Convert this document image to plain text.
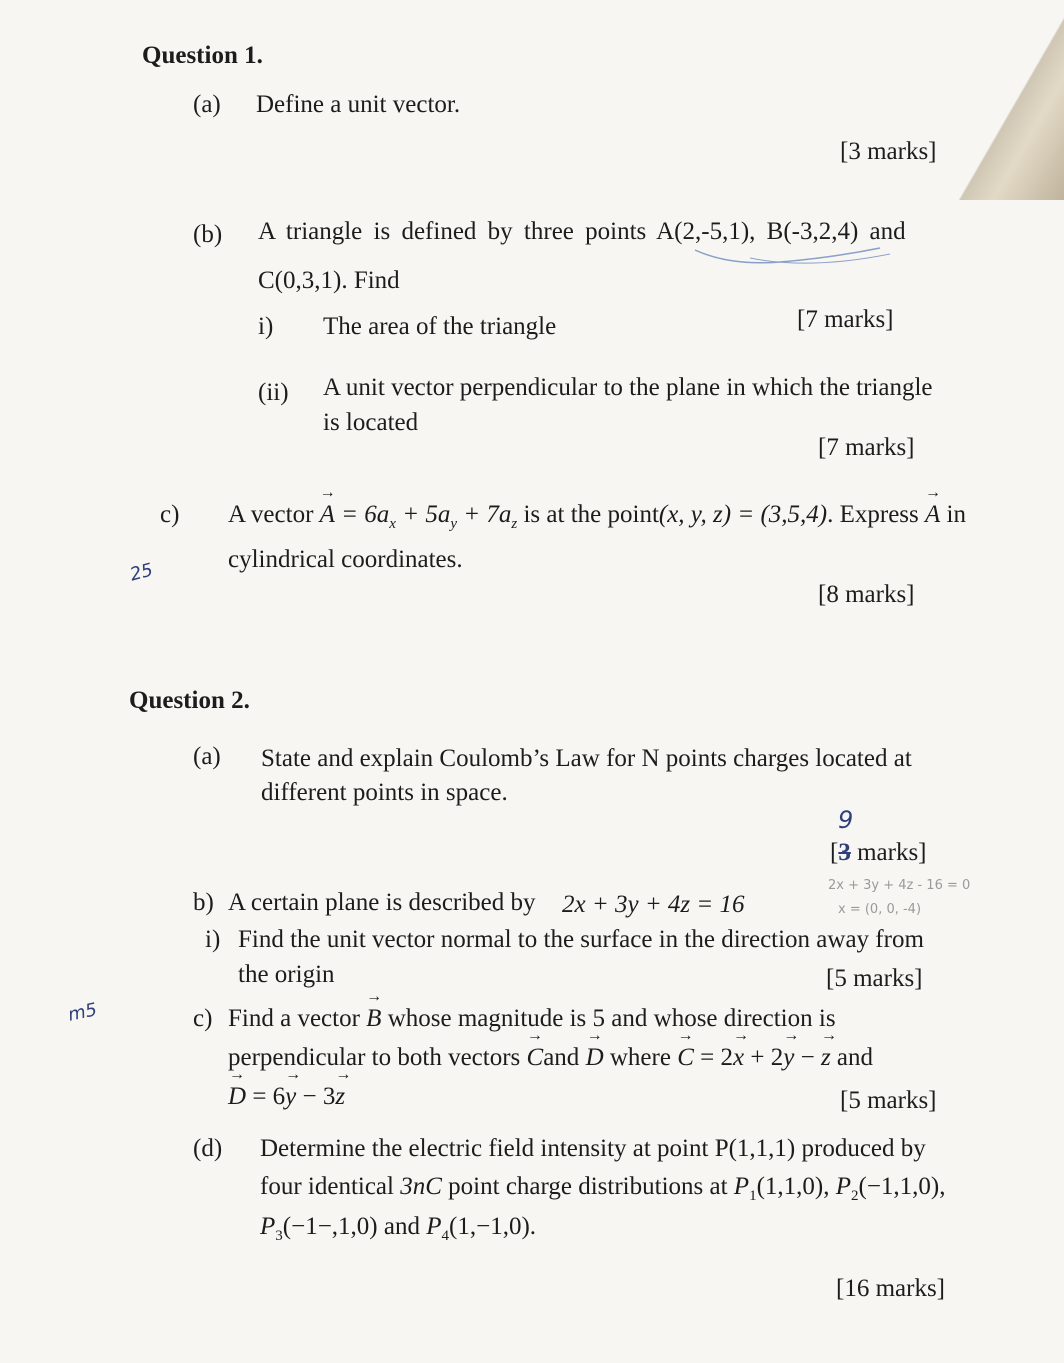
Question 1.
(a) Define a unit vector.
[3 marks]
(b) A triangle is defined by three points A(2,-5,1), B(-3,2,4) and
C(0,3,1). Find
i) The area of the triangle	[7 marks]
(ii) A unit vector perpendicular to the plane in which the triangle
is located
[7 marks]
c) A vector → $A = 6a_x + 5a_y + 7a_z$ is at the point(x, y, z) = (3,5,4). Express → A in
cylindrical coordinates.
[8 marks]
25
Question 2.
(a) State and explain Coulomb’s Law for N points charges located at
different points in space.
9
[3 marks]
b) A certain plane is described by 2x + 3y + 4z = 16
2x + 3y + 4z - 16 = 0
x = (0, 0, -4)
i) Find the unit vector normal to the surface in the direction away from
the origin	[5 marks]
m5	c) Find a vector → B whose magnitude is 5 and whose direction is
perpendicular to both vectors → Cand → D where → C = 2→ x + 2→ y − → z and
→ D = 6→ y − 3→ z	[5 marks]
(d) Determine the electric field intensity at point P(1,1,1) produced by
four identical 3nC point charge distributions at $P_1(1,1,0)$, $P_2(-1,1,0)$,
$P_3(-1-,1,0)$ and $P_4(1,-1,0)$.
[16 marks]
